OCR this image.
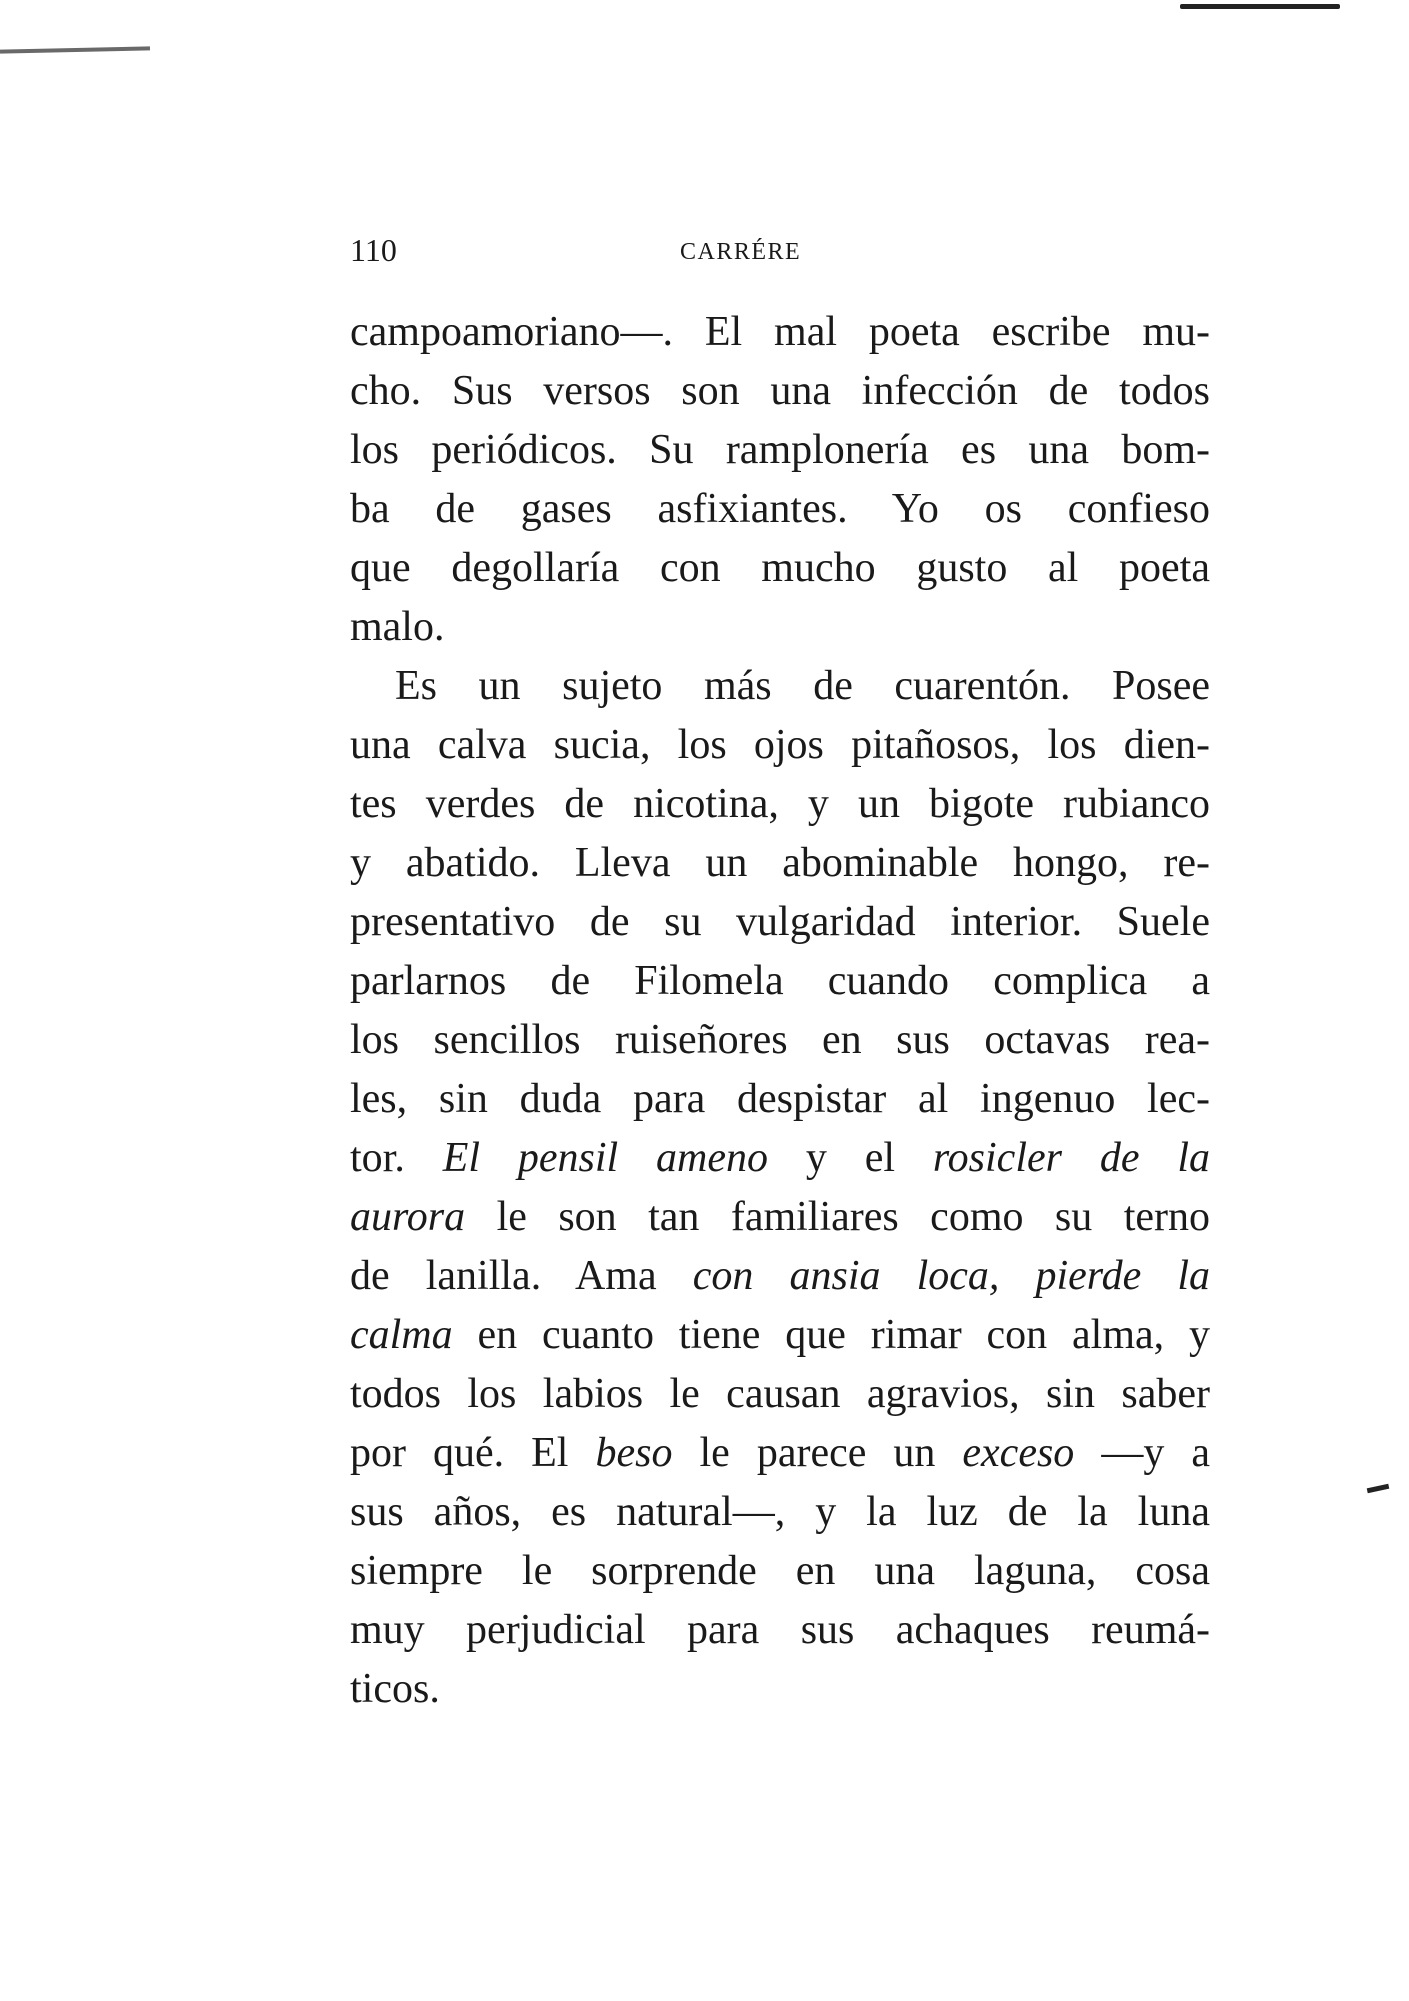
110	CARRÉRE
campoamoriano—. El mal poeta escribe mu-
cho. Sus versos son una infección de todos
los periódicos. Su ramplonería es una bom-
ba de gases asfixiantes. Yo os confieso
que degollaría con mucho gusto al poeta
malo.
Es un sujeto más de cuarentón. Posee
una calva sucia, los ojos pitañosos, los dien-
tes verdes de nicotina, y un bigote rubianco
y abatido. Lleva un abominable hongo, re-
presentativo de su vulgaridad interior. Suele
parlarnos de Filomela cuando complica a
los sencillos ruiseñores en sus octavas rea-
les, sin duda para despistar al ingenuo lec-
tor. El pensil ameno y el rosicler de la
aurora le son tan familiares como su terno
de lanilla. Ama con ansia loca, pierde la
calma en cuanto tiene que rimar con alma, y
todos los labios le causan agravios, sin saber
por qué. El beso le parece un exceso —y a
sus años, es natural—, y la luz de la luna
siempre le sorprende en una laguna, cosa
muy perjudicial para sus achaques reumá-
ticos.
